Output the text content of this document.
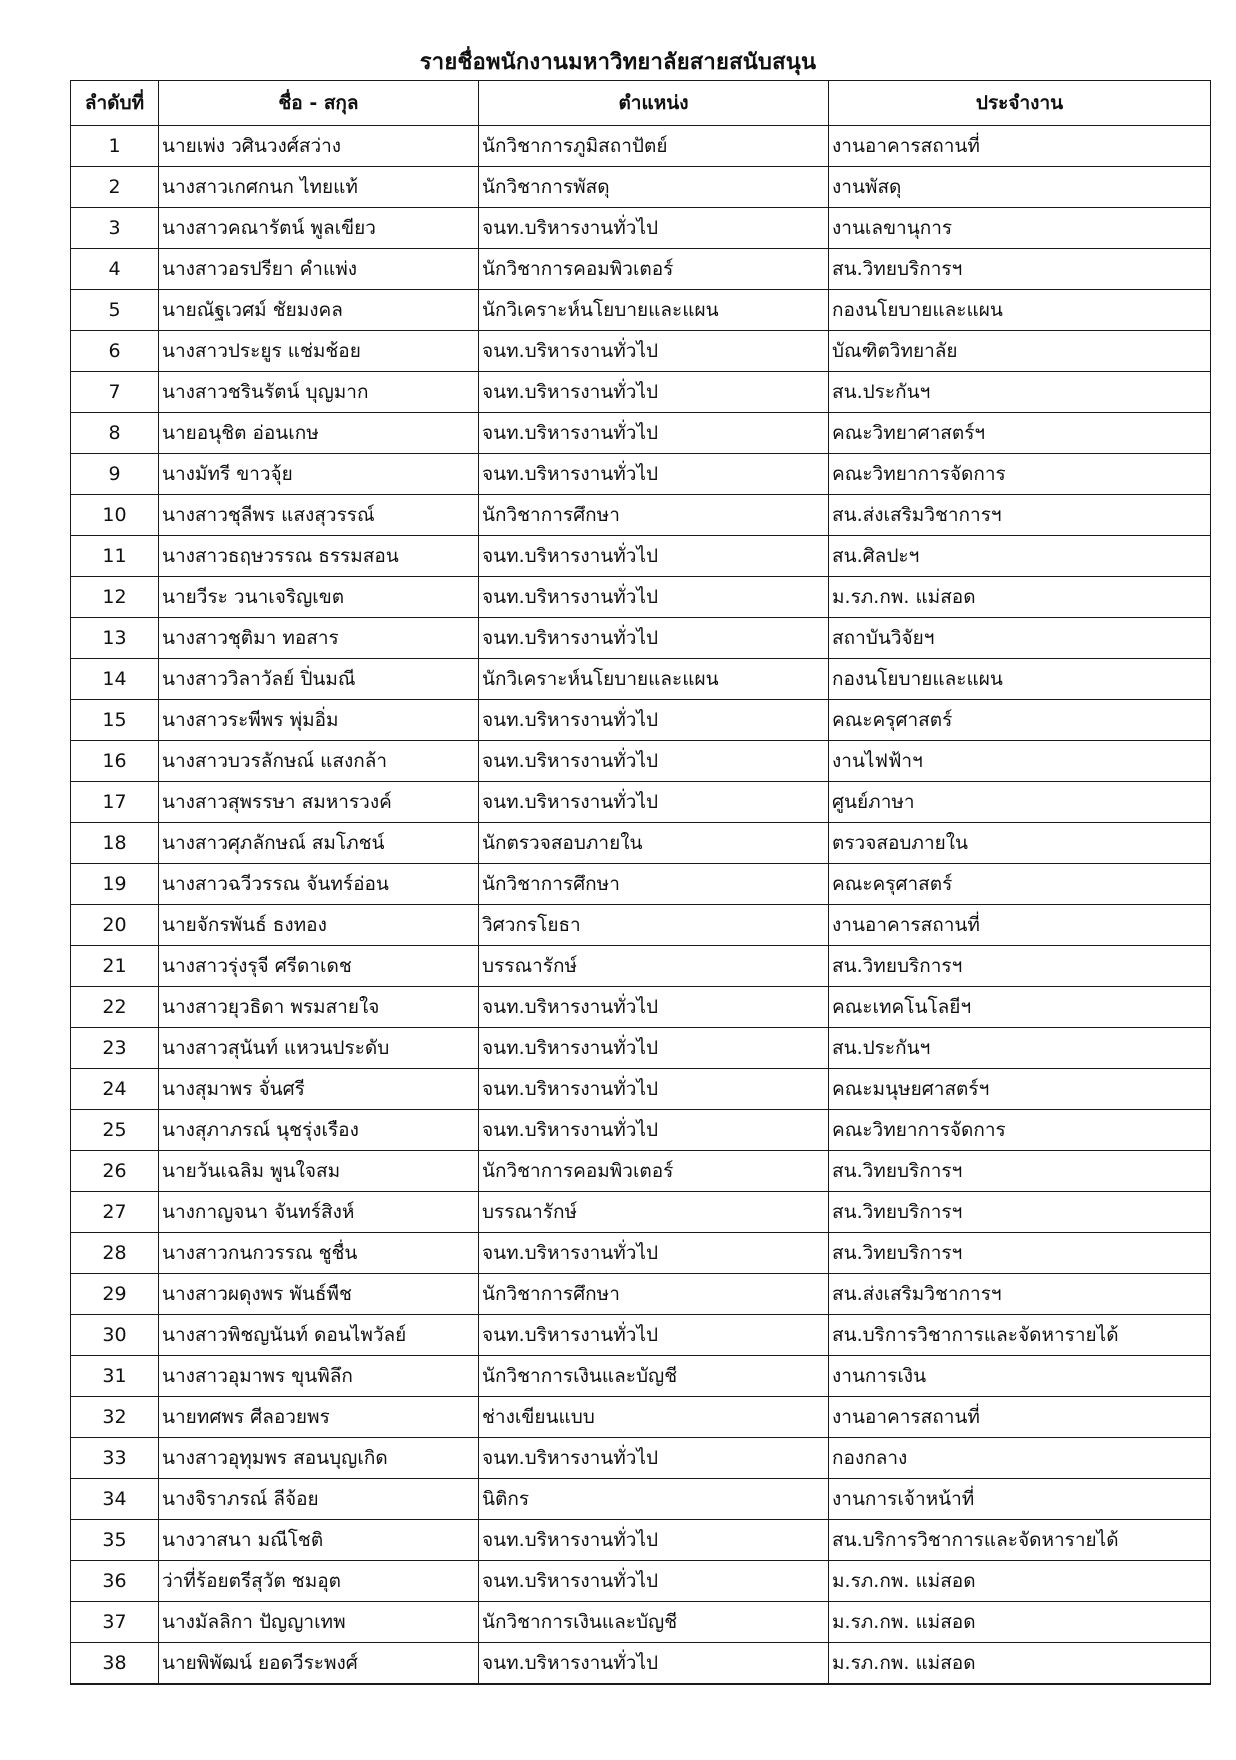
รายชื่อพนักงานมหาวิทยาลัยสายสนับสนุน
ลำดับที่	ชื่อ - สกุล	ตำแหน่ง	ประจำงาน
1	นายเพ่ง วศินวงศ์สว่าง	นักวิชาการภูมิสถาปัตย์	งานอาคารสถานที่
2	นางสาวเกศกนก ไทยแท้	นักวิชาการพัสดุ	งานพัสดุ
3	นางสาวคณารัตน์ พูลเขียว	จนท.บริหารงานทั่วไป	งานเลขานุการ
4	นางสาวอรปรียา คำแพ่ง	นักวิชาการคอมพิวเตอร์	สน.วิทยบริการฯ
5	นายณัฐเวศม์ ชัยมงคล	นักวิเคราะห์นโยบายและแผน	กองนโยบายและแผน
6	นางสาวประยูร แช่มช้อย	จนท.บริหารงานทั่วไป	บัณฑิตวิทยาลัย
7	นางสาวชรินรัตน์ บุญมาก	จนท.บริหารงานทั่วไป	สน.ประกันฯ
8	นายอนุชิต อ่อนเกษ	จนท.บริหารงานทั่วไป	คณะวิทยาศาสตร์ฯ
9	นางมัทรี ขาวจุ้ย	จนท.บริหารงานทั่วไป	คณะวิทยาการจัดการ
10	นางสาวชุลีพร แสงสุวรรณ์	นักวิชาการศึกษา	สน.ส่งเสริมวิชาการฯ
11	นางสาวธฤษวรรณ ธรรมสอน	จนท.บริหารงานทั่วไป	สน.ศิลปะฯ
12	นายวีระ วนาเจริญเขต	จนท.บริหารงานทั่วไป	ม.รภ.กพ. แม่สอด
13	นางสาวชุติมา ทอสาร	จนท.บริหารงานทั่วไป	สถาบันวิจัยฯ
14	นางสาววิลาวัลย์ ปิ่นมณี	นักวิเคราะห์นโยบายและแผน	กองนโยบายและแผน
15	นางสาวระพีพร พุ่มอิ่ม	จนท.บริหารงานทั่วไป	คณะครุศาสตร์
16	นางสาวบวรลักษณ์ แสงกล้า	จนท.บริหารงานทั่วไป	งานไฟฟ้าฯ
17	นางสาวสุพรรษา สมหารวงค์	จนท.บริหารงานทั่วไป	ศูนย์ภาษา
18	นางสาวศุภลักษณ์ สมโภชน์	นักตรวจสอบภายใน	ตรวจสอบภายใน
19	นางสาวฉวีวรรณ จันทร์อ่อน	นักวิชาการศึกษา	คณะครุศาสตร์
20	นายจักรพันธ์ ธงทอง	วิศวกรโยธา	งานอาคารสถานที่
21	นางสาวรุ่งรุจี ศรีดาเดช	บรรณารักษ์	สน.วิทยบริการฯ
22	นางสาวยุวธิดา พรมสายใจ	จนท.บริหารงานทั่วไป	คณะเทคโนโลยีฯ
23	นางสาวสุนันท์ แหวนประดับ	จนท.บริหารงานทั่วไป	สน.ประกันฯ
24	นางสุมาพร จั่นศรี	จนท.บริหารงานทั่วไป	คณะมนุษยศาสตร์ฯ
25	นางสุภาภรณ์ นุชรุ่งเรือง	จนท.บริหารงานทั่วไป	คณะวิทยาการจัดการ
26	นายวันเฉลิม พูนใจสม	นักวิชาการคอมพิวเตอร์	สน.วิทยบริการฯ
27	นางกาญจนา จันทร์สิงห์	บรรณารักษ์	สน.วิทยบริการฯ
28	นางสาวกนกวรรณ ชูชื่น	จนท.บริหารงานทั่วไป	สน.วิทยบริการฯ
29	นางสาวผดุงพร พันธ์พืช	นักวิชาการศึกษา	สน.ส่งเสริมวิชาการฯ
30	นางสาวพิชญนันท์ ดอนไพวัลย์	จนท.บริหารงานทั่วไป	สน.บริการวิชาการและจัดหารายได้
31	นางสาวอุมาพร ขุนพิลึก	นักวิชาการเงินและบัญชี	งานการเงิน
32	นายทศพร ศีลอวยพร	ช่างเขียนแบบ	งานอาคารสถานที่
33	นางสาวอุทุมพร สอนบุญเกิด	จนท.บริหารงานทั่วไป	กองกลาง
34	นางจิราภรณ์ ลีจ้อย	นิติกร	งานการเจ้าหน้าที่
35	นางวาสนา มณีโชติ	จนท.บริหารงานทั่วไป	สน.บริการวิชาการและจัดหารายได้
36	ว่าที่ร้อยตรีสุวัต ชมอุต	จนท.บริหารงานทั่วไป	ม.รภ.กพ. แม่สอด
37	นางมัลลิกา ปัญญาเทพ	นักวิชาการเงินและบัญชี	ม.รภ.กพ. แม่สอด
38	นายพิพัฒน์ ยอดวีระพงศ์	จนท.บริหารงานทั่วไป	ม.รภ.กพ. แม่สอด
